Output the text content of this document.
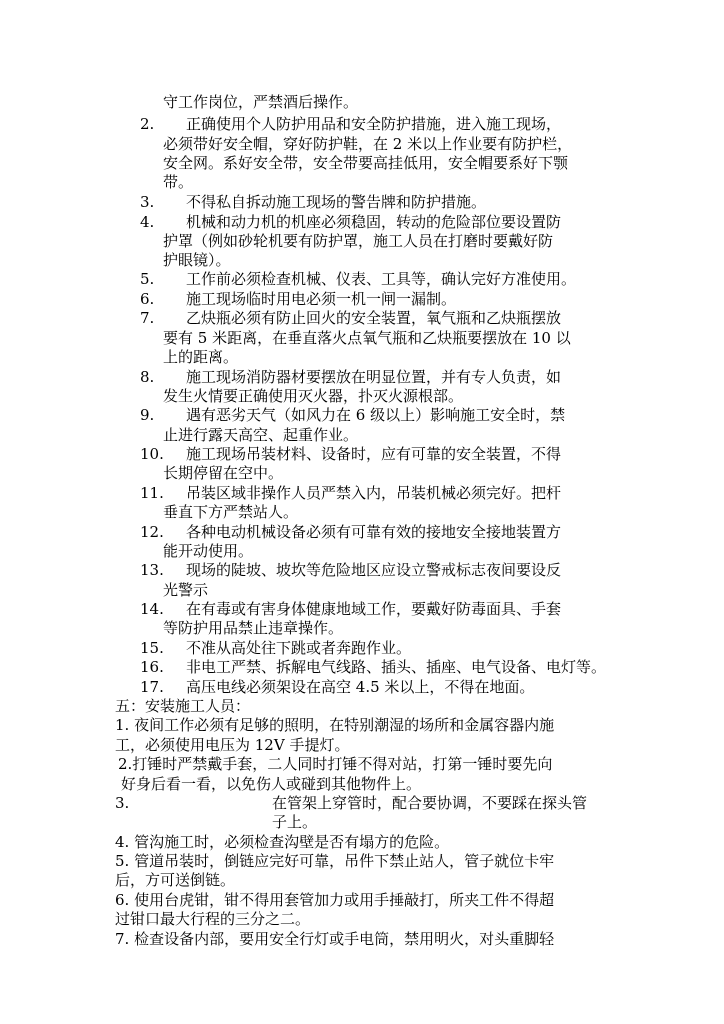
守工作岗位，严禁酒后操作。
2. 正确使用个人防护用品和安全防护措施，进入施工现场，
必须带好安全帽，穿好防护鞋，在 2 米以上作业要有防护栏，
安全网。系好安全带，安全带要高挂低用，安全帽要系好下颚
带。
3. 不得私自拆动施工现场的警告牌和防护措施。
4. 机械和动力机的机座必须稳固，转动的危险部位要设置防
护罩（例如砂轮机要有防护罩，施工人员在打磨时要戴好防
护眼镜）。
5. 工作前必须检查机械、仪表、工具等，确认完好方准使用。
6. 施工现场临时用电必须一机一闸一漏制。
7. 乙炔瓶必须有防止回火的安全装置，氧气瓶和乙炔瓶摆放
要有 5 米距离，在垂直落火点氧气瓶和乙炔瓶要摆放在 10 以
上的距离。
8. 施工现场消防器材要摆放在明显位置，并有专人负责，如
发生火情要正确使用灭火器，扑灭火源根部。
9. 遇有恶劣天气（如风力在 6 级以上）影响施工安全时，禁
止进行露天高空、起重作业。
10. 施工现场吊装材料、设备时，应有可靠的安全装置，不得
长期停留在空中。
11. 吊装区域非操作人员严禁入内，吊装机械必须完好。把杆
垂直下方严禁站人。
12. 各种电动机械设备必须有可靠有效的接地安全接地装置方
能开动使用。
13. 现场的陡坡、坡坎等危险地区应设立警戒标志夜间要设反
光警示
14. 在有毒或有害身体健康地域工作，要戴好防毒面具、手套
等防护用品禁止违章操作。
15. 不准从高处往下跳或者奔跑作业。
16. 非电工严禁、拆解电气线路、插头、插座、电气设备、电灯等。
17. 高压电线必须架设在高空 4.5 米以上，不得在地面。
五：安装施工人员：
1. 夜间工作必须有足够的照明，在特别潮湿的场所和金属容器内施
工，必须使用电压为 12V 手提灯。
2.打锤时严禁戴手套，二人同时打锤不得对站，打第一锤时要先向
好身后看一看，以免伤人或碰到其他物件上。
3.	在管架上穿管时，配合要协调，不要踩在探头管
子上。
4. 管沟施工时，必须检查沟壁是否有塌方的危险。
5. 管道吊装时，倒链应完好可靠，吊件下禁止站人，管子就位卡牢
后，方可送倒链。
6. 使用台虎钳，钳不得用套管加力或用手捶敲打，所夹工件不得超
过钳口最大行程的三分之二。
7. 检查设备内部，要用安全行灯或手电筒，禁用明火，对头重脚轻
